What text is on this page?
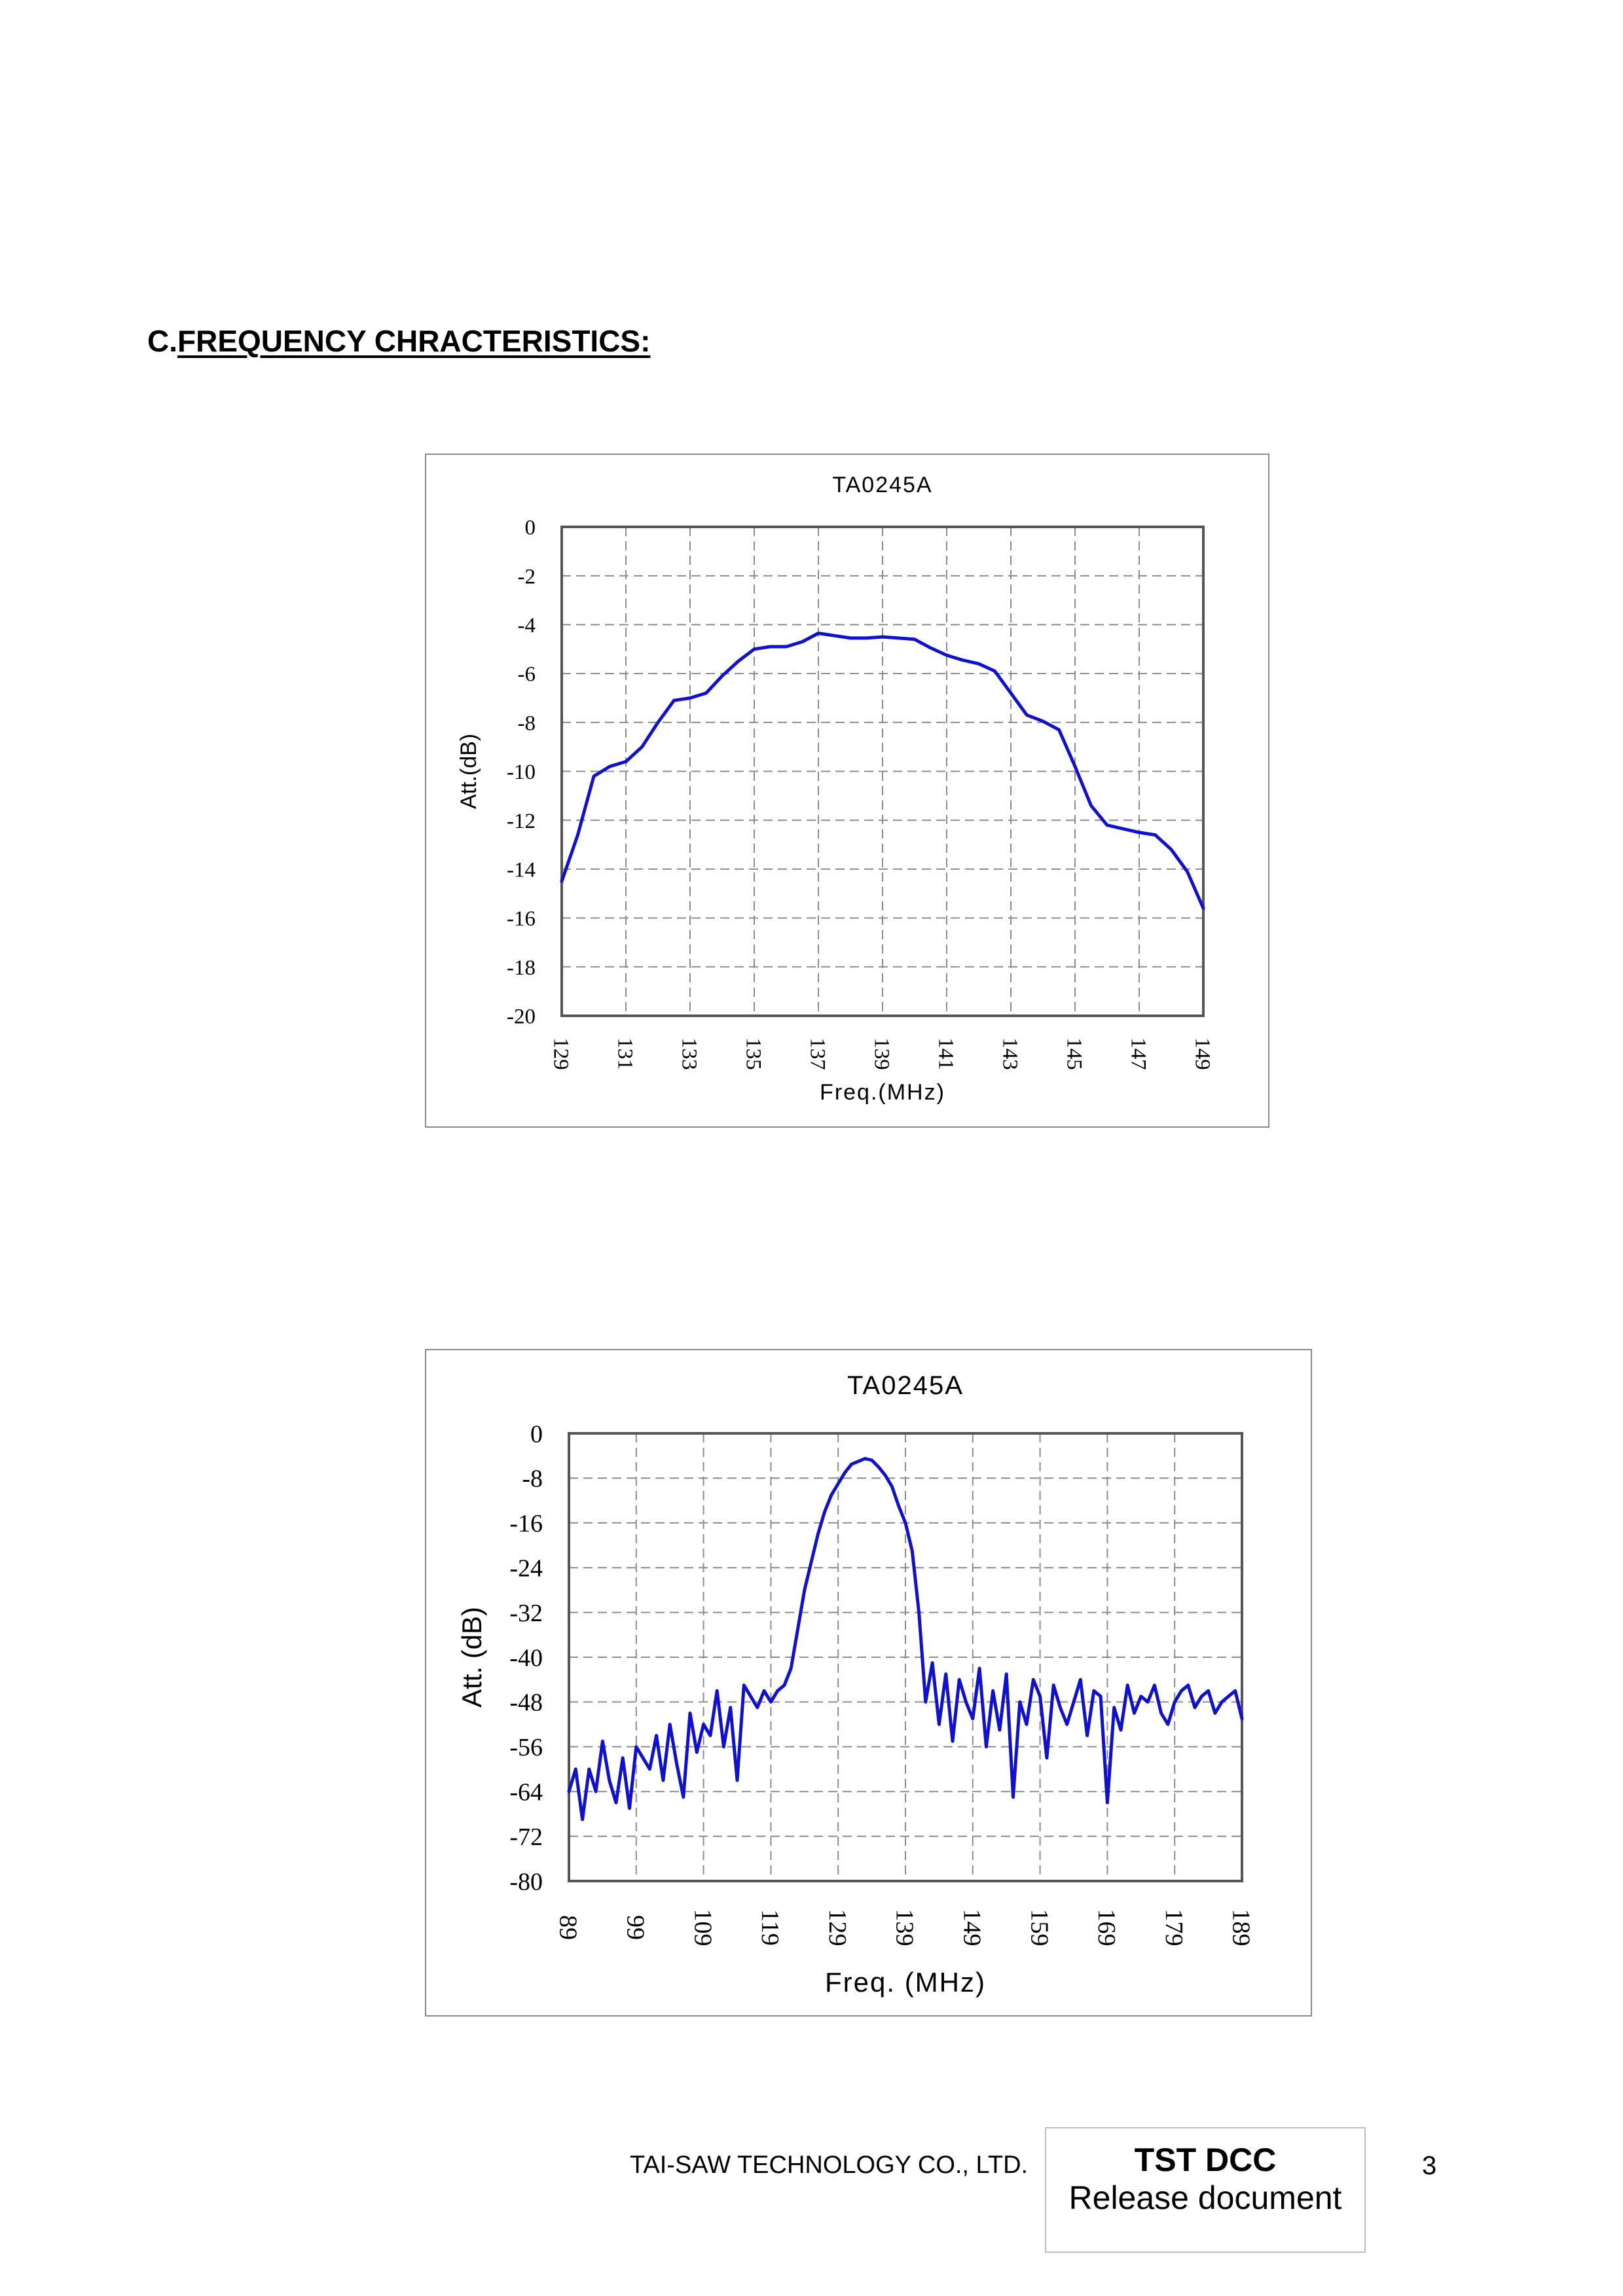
C.FREQUENCY CHRACTERISTICS:
0
-2
-4
-6
-8
-10
-12
-14
-16
-18
-20
129 131 133 135 137 139 141 143 145 147 149
TA0245A
Freq.(MHz)
Att.(dB)
0
-8
-16
-24
-32
-40
-48
-56
-64
-72
-80
89 99 109 119 129 139 149 159 169 179 189
TA0245A
Freq. (MHz)
Att. (dB)
TAI-SAW TECHNOLOGY CO., LTD.	TST DCC
Release document
3
